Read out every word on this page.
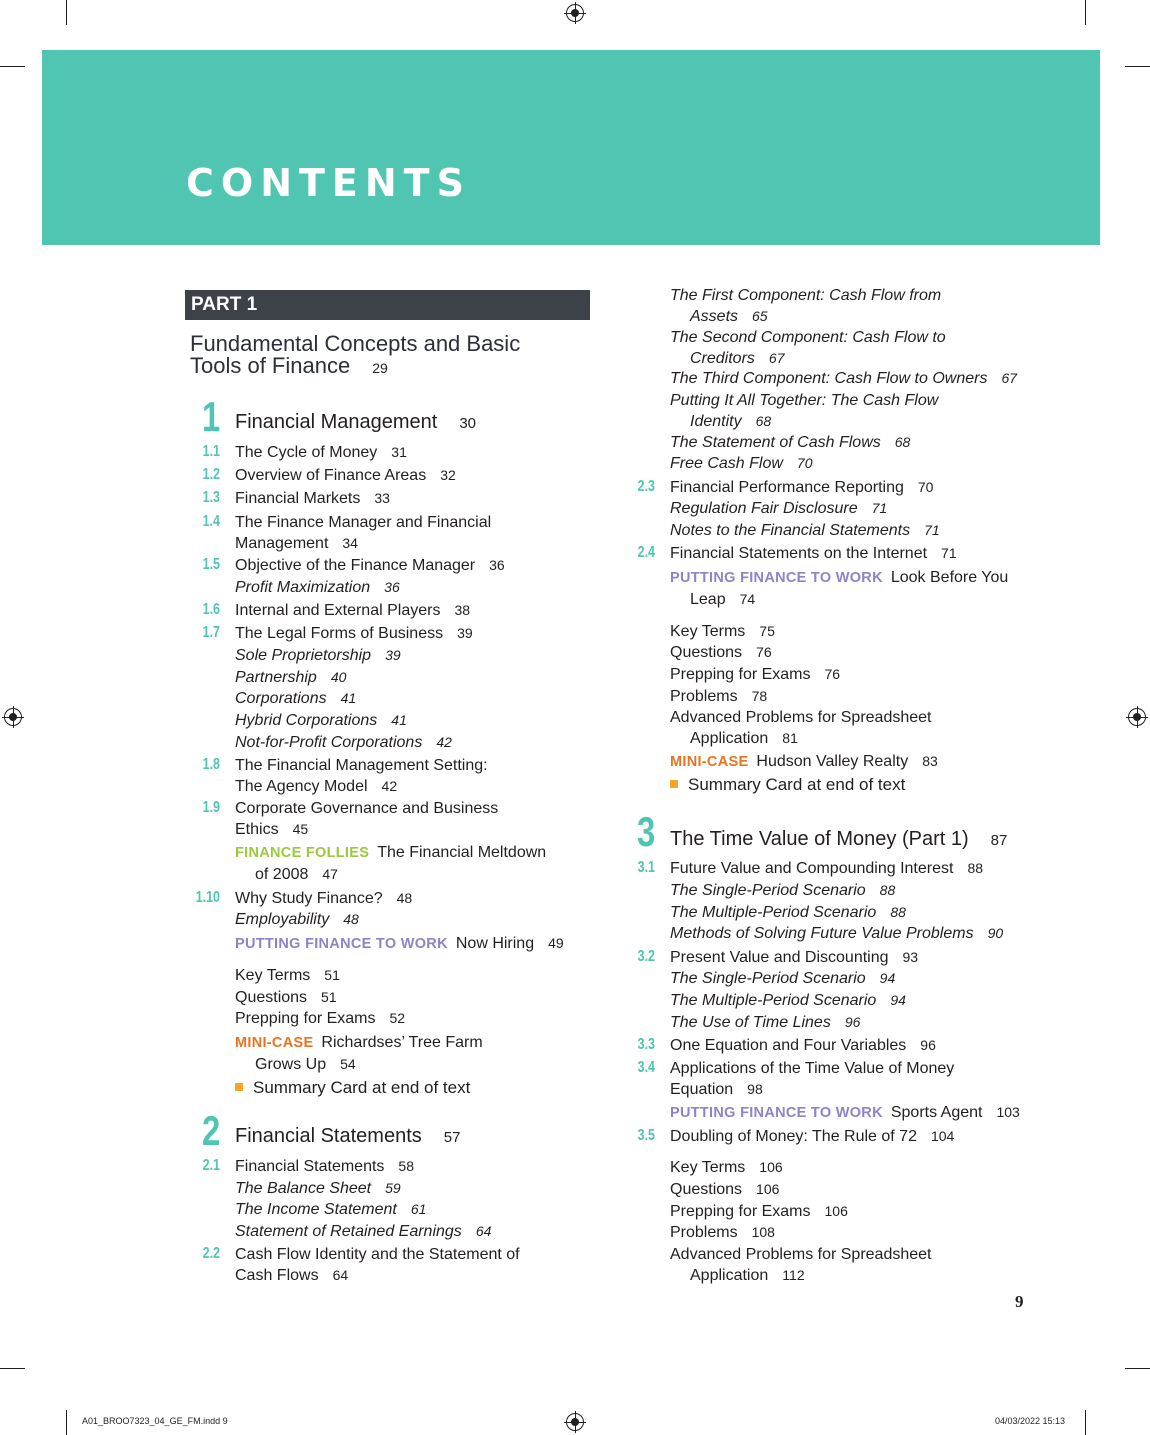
CONTENTS
PART 1
Fundamental Concepts and Basic
Tools of Finance 29
1 Financial Management 30
1.1 The Cycle of Money 31
1.2 Overview of Finance Areas 32
1.3 Financial Markets 33
1.4 The Finance Manager and Financial
Management 34
1.5 Objective of the Finance Manager 36
Profit Maximization 36
1.6 Internal and External Players 38
1.7 The Legal Forms of Business 39
Sole Proprietorship 39
Partnership 40
Corporations 41
Hybrid Corporations 41
Not-for-Profit Corporations 42
1.8 The Financial Management Setting:
The Agency Model 42
1.9 Corporate Governance and Business
Ethics 45
FINANCE FOLLIES The Financial Meltdown
of 2008 47
1.10 Why Study Finance? 48
Employability 48
PUTTING FINANCE TO WORK Now Hiring 49
Key Terms 51
Questions 51
Prepping for Exams 52
MINI-CASE Richardses’ Tree Farm
Grows Up 54
Summary Card at end of text
2 Financial Statements 57
2.1 Financial Statements 58
The Balance Sheet 59
The Income Statement 61
Statement of Retained Earnings 64
2.2 Cash Flow Identity and the Statement of
Cash Flows 64
The First Component: Cash Flow from
Assets 65
The Second Component: Cash Flow to
Creditors 67
The Third Component: Cash Flow to Owners 67
Putting It All Together: The Cash Flow
Identity 68
The Statement of Cash Flows 68
Free Cash Flow 70
2.3 Financial Performance Reporting 70
Regulation Fair Disclosure 71
Notes to the Financial Statements 71
2.4 Financial Statements on the Internet 71
PUTTING FINANCE TO WORK Look Before You
Leap 74
Key Terms 75
Questions 76
Prepping for Exams 76
Problems 78
Advanced Problems for Spreadsheet
Application 81
MINI-CASE Hudson Valley Realty 83
Summary Card at end of text
3 The Time Value of Money (Part 1) 87
3.1 Future Value and Compounding Interest 88
The Single-Period Scenario 88
The Multiple-Period Scenario 88
Methods of Solving Future Value Problems 90
3.2 Present Value and Discounting 93
The Single-Period Scenario 94
The Multiple-Period Scenario 94
The Use of Time Lines 96
3.3 One Equation and Four Variables 96
3.4 Applications of the Time Value of Money
Equation 98
PUTTING FINANCE TO WORK Sports Agent 103
3.5 Doubling of Money: The Rule of 72 104
Key Terms 106
Questions 106
Prepping for Exams 106
Problems 108
Advanced Problems for Spreadsheet
Application 112
9
A01_BROO7323_04_GE_FM.indd 9	04/03/2022 15:13
